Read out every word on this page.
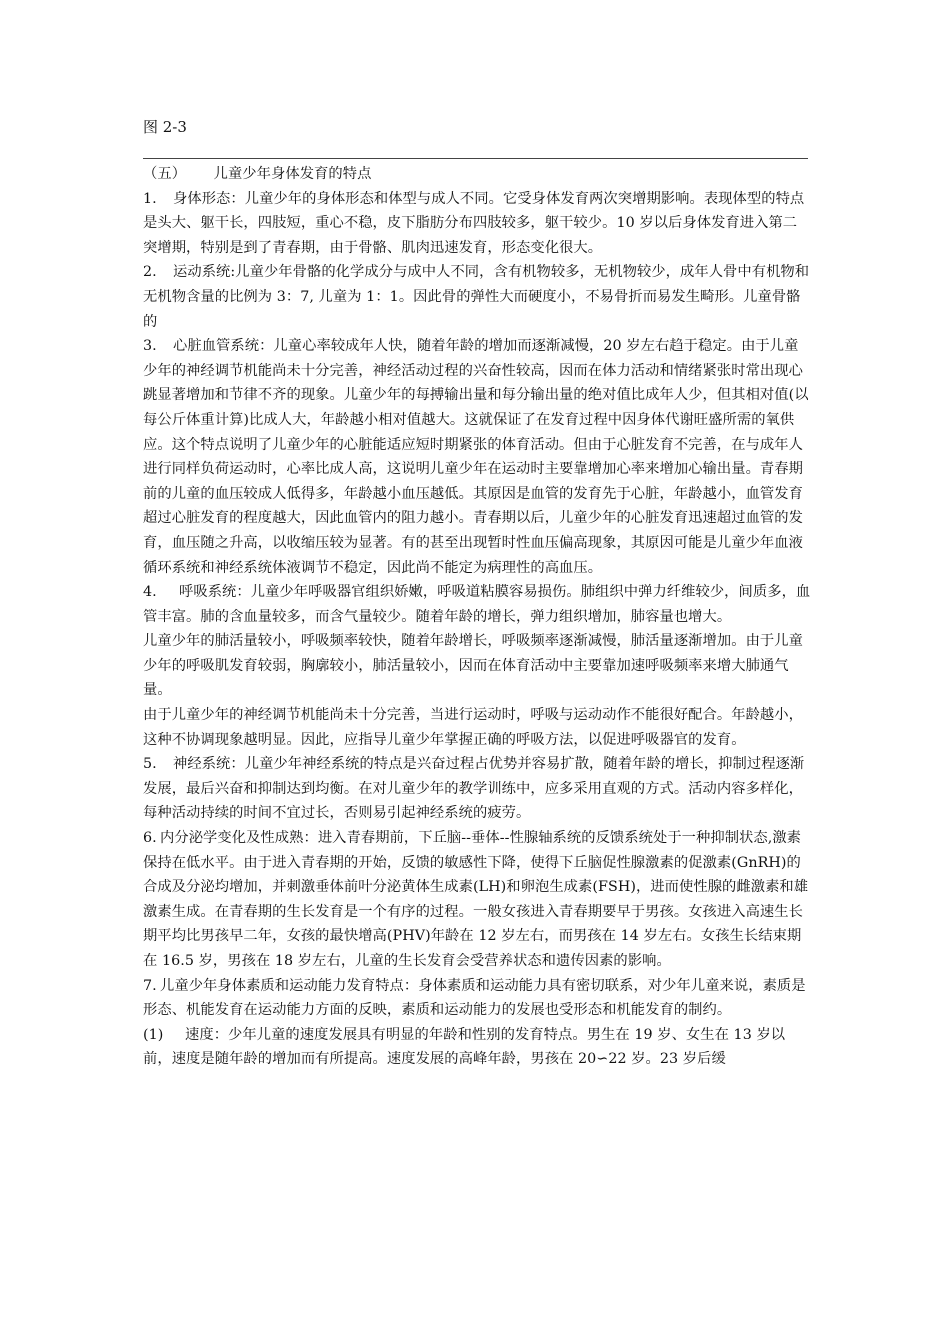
图 2-3

（五）      儿童少年身体发育的特点

1. 身体形态：儿童少年的身体形态和体型与成人不同。它受身体发育两次突增期影响。表现体型的特点是头大、躯干长，四肢短，重心不稳，皮下脂肪分布四肢较多，躯干较少。10 岁以后身体发育进入第二突增期，特别是到了青春期，由于骨骼、肌肉迅速发育，形态变化很大。

2. 运动系统:儿童少年骨骼的化学成分与成中人不同，含有机物较多，无机物较少，成年人骨中有机物和无机物含量的比例为 3：7, 儿童为 1：1。因此骨的弹性大而硬度小，不易骨折而易发生畸形。儿童骨骼的

3. 心脏血管系统：儿童心率较成年人快，随着年龄的增加而逐渐减慢，20 岁左右趋于稳定。由于儿童少年的神经调节机能尚未十分完善，神经活动过程的兴奋性较高，因而在体力活动和情绪紧张时常出现心跳显著增加和节律不齐的现象。儿童少年的每搏输出量和每分输出量的绝对值比成年人少，但其相对值(以每公斤体重计算)比成人大，年龄越小相对值越大。这就保证了在发育过程中因身体代谢旺盛所需的氧供应。这个特点说明了儿童少年的心脏能适应短时期紧张的体育活动。但由于心脏发育不完善，在与成年人进行同样负荷运动时，心率比成人高，这说明儿童少年在运动时主要靠增加心率来增加心输出量。青春期前的儿童的血压较成人低得多，年龄越小血压越低。其原因是血管的发育先于心脏，年龄越小，血管发育超过心脏发育的程度越大，因此血管内的阻力越小。青春期以后，儿童少年的心脏发育迅速超过血管的发育，血压随之升高，以收缩压较为显著。有的甚至出现暂时性血压偏高现象，其原因可能是儿童少年血液循环系统和神经系统体液调节不稳定，因此尚不能定为病理性的高血压。

4. 呼吸系统：儿童少年呼吸器官组织娇嫩，呼吸道粘膜容易损伤。肺组织中弹力纤维较少，间质多，血管丰富。肺的含血量较多，而含气量较少。随着年龄的增长，弹力组织增加，肺容量也增大。

儿童少年的肺活量较小，呼吸频率较快，随着年龄增长，呼吸频率逐渐减慢，肺活量逐渐增加。由于儿童少年的呼吸肌发育较弱，胸廓较小，肺活量较小，因而在体育活动中主要靠加速呼吸频率来增大肺通气量。

由于儿童少年的神经调节机能尚未十分完善，当进行运动时，呼吸与运动动作不能很好配合。年龄越小，这种不协调现象越明显。因此，应指导儿童少年掌握正确的呼吸方法，以促进呼吸器官的发育。

5. 神经系统：儿童少年神经系统的特点是兴奋过程占优势并容易扩散，随着年龄的增长，抑制过程逐渐发展，最后兴奋和抑制达到均衡。在对儿童少年的教学训练中，应多采用直观的方式。活动内容多样化，每种活动持续的时间不宜过长，否则易引起神经系统的疲劳。

6. 内分泌学变化及性成熟：进入青春期前，下丘脑--垂体--性腺轴系统的反馈系统处于一种抑制状态,激素保持在低水平。由于进入青春期的开始，反馈的敏感性下降，使得下丘脑促性腺激素的促激素(GnRH)的合成及分泌均增加，并刺激垂体前叶分泌黄体生成素(LH)和卵泡生成素(FSH)，进而使性腺的雌激素和雄激素生成。在青春期的生长发育是一个有序的过程。一般女孩进入青春期要早于男孩。女孩进入高速生长期平均比男孩早二年，女孩的最快增高(PHV)年龄在 12 岁左右，而男孩在 14 岁左右。女孩生长结束期在 16.5 岁，男孩在 18 岁左右，儿童的生长发育会受营养状态和遗传因素的影响。

7. 儿童少年身体素质和运动能力发育特点：身体素质和运动能力具有密切联系，对少年儿童来说，素质是形态、机能发育在运动能力方面的反映，素质和运动能力的发展也受形态和机能发育的制约。

(1) 速度：少年儿童的速度发展具有明显的年龄和性别的发育特点。男生在 19 岁、女生在 13 岁以前，速度是随年龄的增加而有所提高。速度发展的高峰年龄，男孩在 20∽22 岁。23 岁后缓
